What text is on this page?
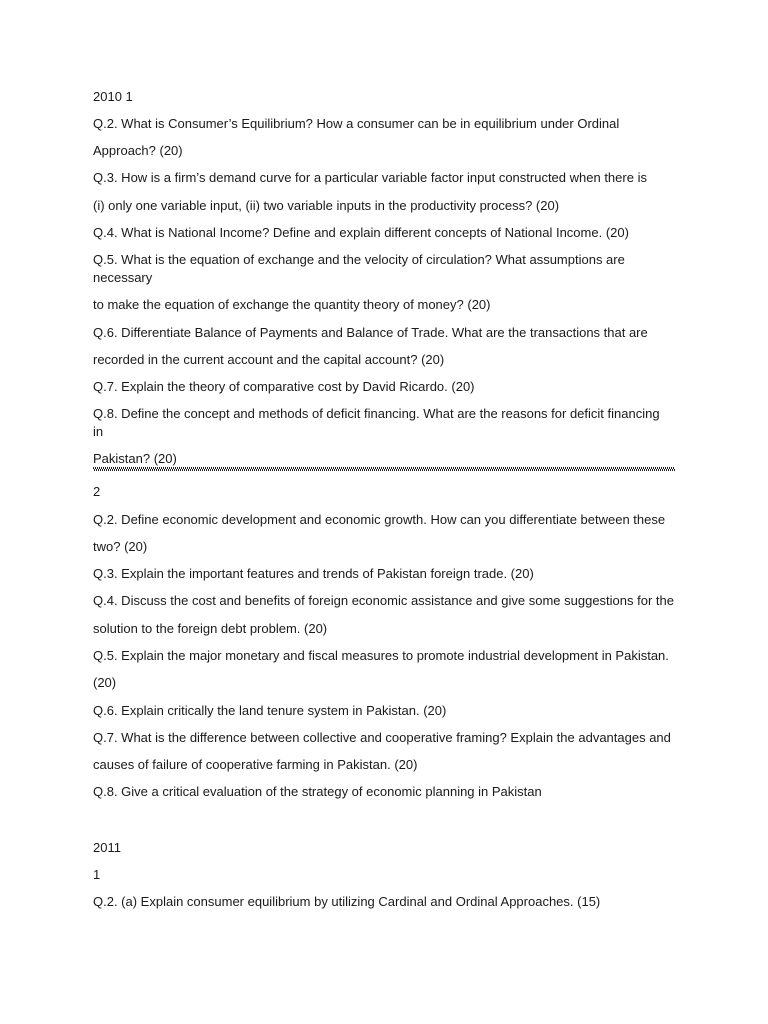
2010 1
Q.2. What is Consumer’s Equilibrium? How a consumer can be in equilibrium under Ordinal
Approach? (20)
Q.3. How is a firm’s demand curve for a particular variable factor input constructed when there is
(i) only one variable input, (ii) two variable inputs in the productivity process? (20)
Q.4. What is National Income? Define and explain different concepts of National Income. (20)
Q.5. What is the equation of exchange and the velocity of circulation? What assumptions are
necessary
to make the equation of exchange the quantity theory of money? (20)
Q.6. Differentiate Balance of Payments and Balance of Trade. What are the transactions that are
recorded in the current account and the capital account? (20)
Q.7. Explain the theory of comparative cost by David Ricardo. (20)
Q.8. Define the concept and methods of deficit financing. What are the reasons for deficit financing
in
Pakistan? (20)
2
Q.2. Define economic development and economic growth. How can you differentiate between these
two? (20)
Q.3. Explain the important features and trends of Pakistan foreign trade. (20)
Q.4. Discuss the cost and benefits of foreign economic assistance and give some suggestions for the
solution to the foreign debt problem. (20)
Q.5. Explain the major monetary and fiscal measures to promote industrial development in Pakistan.
(20)
Q.6. Explain critically the land tenure system in Pakistan. (20)
Q.7. What is the difference between collective and cooperative framing? Explain the advantages and
causes of failure of cooperative farming in Pakistan. (20)
Q.8. Give a critical evaluation of the strategy of economic planning in Pakistan
2011
1
Q.2. (a) Explain consumer equilibrium by utilizing Cardinal and Ordinal Approaches. (15)
